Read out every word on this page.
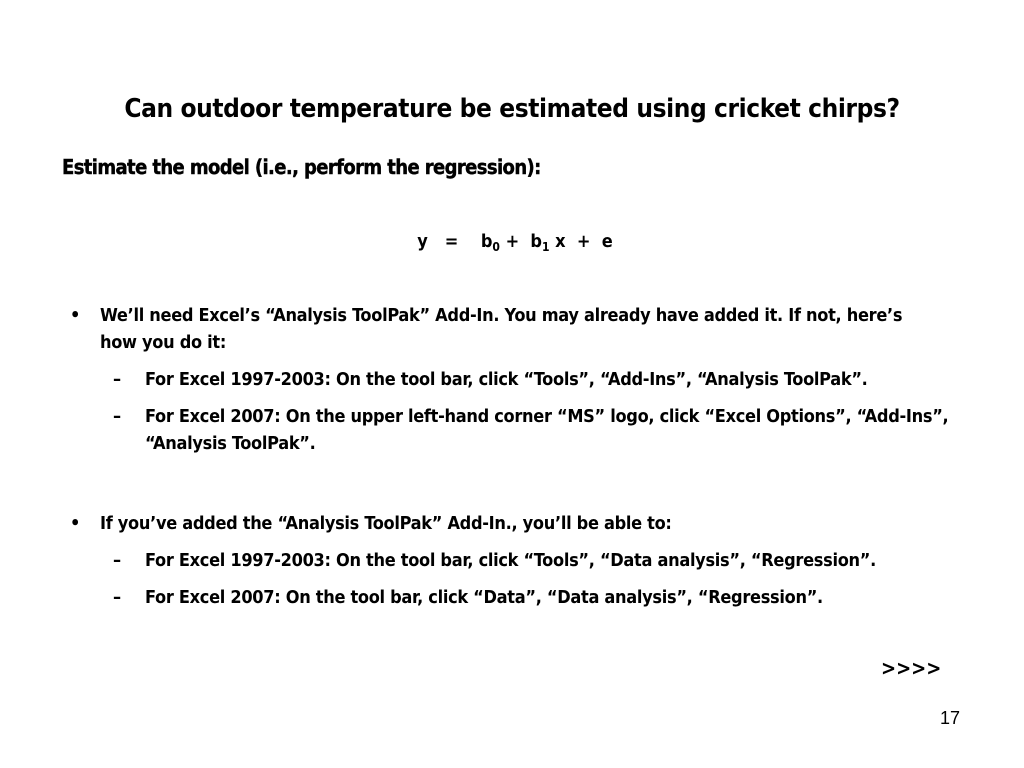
Can outdoor temperature be estimated using cricket chirps?
Estimate the model (i.e., perform the regression):
$y = b_0 + b_1$ x + e
• We’ll need Excel’s “Analysis ToolPak” Add-In. You may already have added it. If not, here’s how you do it:
– For Excel 1997-2003: On the tool bar, click “Tools”, “Add-Ins”, “Analysis ToolPak”.
– For Excel 2007: On the upper left-hand corner “MS” logo, click “Excel Options”, “Add-Ins”, “Analysis ToolPak”.
• If you’ve added the “Analysis ToolPak” Add-In., you’ll be able to:
– For Excel 1997-2003: On the tool bar, click “Tools”, “Data analysis”, “Regression”.
– For Excel 2007: On the tool bar, click “Data”, “Data analysis”, “Regression”.
>>>>
17
